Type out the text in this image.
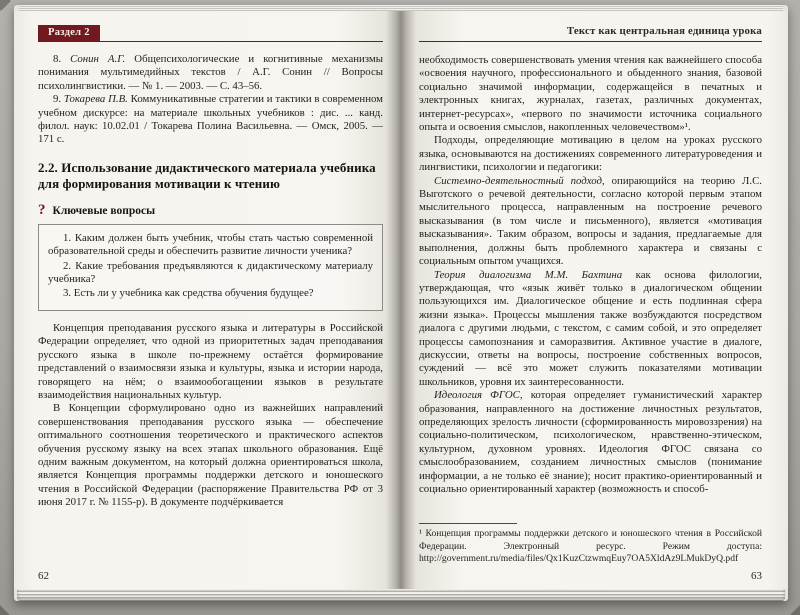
Раздел 2

8. Сонин А.Г. Общепсихологические и когнитивные механизмы понимания мультимедийных текстов / А.Г. Сонин // Вопросы психолингвистики. — № 1. — 2003. — С. 43–56.

9. Токарева П.В. Коммуникативные стратегии и тактики в современном учебном дискурсе: на материале школьных учебников : дис. ... канд. филол. наук: 10.02.01 / Токарева Полина Васильевна. — Омск, 2005. — 171 с.

2.2. Использование дидактического материала учебника для формирования мотивации к чтению
? Ключевые вопросы

1. Каким должен быть учебник, чтобы стать частью современной образовательной среды и обеспечить развитие личности ученика?

2. Какие требования предъявляются к дидактическому материалу учебника?

3. Есть ли у учебника как средства обучения будущее?

Концепция преподавания русского языка и литературы в Российской Федерации определяет, что одной из приоритетных задач преподавания русского языка в школе по-прежнему остаётся формирование представлений о взаимосвязи языка и культуры, языка и истории народа, говорящего на нём; о взаимообогащении языков в результате взаимодействия национальных культур.

В Концепции сформулировано одно из важнейших направлений совершенствования преподавания русского языка — обеспечение оптимального соотношения теоретического и практического аспектов обучения русскому языку на всех этапах школьного образования. Ещё одним важным документом, на который должна ориентироваться школа, является Концепция программы поддержки детского и юношеского чтения в Российской Федерации (распоряжение Правительства РФ от 3 июня 2017 г. № 1155-р). В документе подчёркивается

62
Текст как центральная единица урока

необходимость совершенствовать умения чтения как важнейшего способа «освоения научного, профессионального и обыденного знания, базовой социально значимой информации, содержащейся в печатных и электронных книгах, журналах, газетах, различных документах, интернет-ресурсах», «первого по значимости источника социального опыта и освоения смыслов, накопленных человечеством»¹.

Подходы, определяющие мотивацию в целом на уроках русского языка, основываются на достижениях современного литературоведения и лингвистики, психологии и педагогики:

Системно-деятельностный подход, опирающийся на теорию Л.С. Выготского о речевой деятельности, согласно которой первым этапом мыслительного процесса, направленным на построение речевого высказывания (в том числе и письменного), является «мотивация высказывания». Таким образом, вопросы и задания, предлагаемые для выполнения, должны быть проблемного характера и связаны с социальным опытом учащихся.

Теория диалогизма М.М. Бахтина как основа филологии, утверждающая, что «язык живёт только в диалогическом общении пользующихся им. Диалогическое общение и есть подлинная сфера жизни языка». Процессы мышления также возбуждаются посредством диалога с другими людьми, с текстом, с самим собой, и это определяет процессы самопознания и саморазвития. Активное участие в диалоге, дискуссии, ответы на вопросы, построение собственных вопросов, суждений — всё это может служить показателями мотивации школьников, уровня их заинтересованности.

Идеология ФГОС, которая определяет гуманистический характер образования, направленного на достижение личностных результатов, определяющих зрелость личности (сформированность мировоззрения) на социально-политическом, психологическом, нравственно-этическом, культурном, духовном уровнях. Идеология ФГОС связана со смыслообразованием, созданием личностных смыслов (понимание информации, а не только её знание); носит практико-ориентированный и социально ориентированный характер (возможность и способ-

¹ Концепция программы поддержки детского и юношеского чтения в Российской Федерации. Электронный ресурс. Режим доступа: http://government.ru/media/files/Qx1KuzCtzwmqEuy7OA5XldAz9LMukDyQ.pdf
63
